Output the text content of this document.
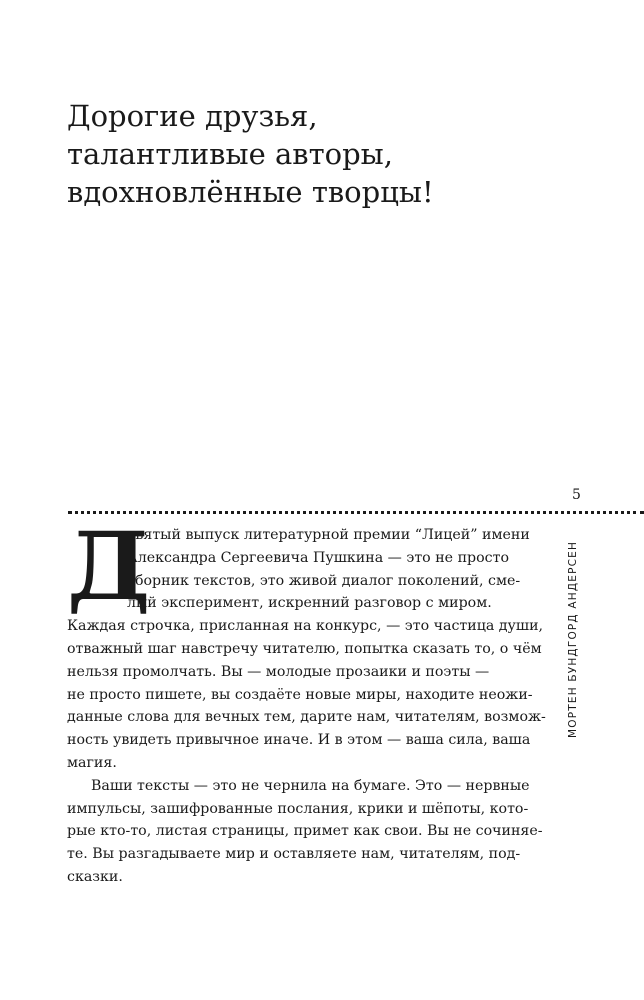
Дорогие друзья,
талантливые авторы,
вдохновлённые творцы!
5
МОРТЕН БУНДГОРД АНДЕРСЕН
Д
евятый выпуск литературной премии “Лицей” имени
Александра Сергеевича Пушкина — это не просто
сборник текстов, это живой диалог поколений, сме-
лый эксперимент, искренний разговор с миром.
Каждая строчка, присланная на конкурс, — это частица души,
отважный шаг навстречу читателю, попытка сказать то, о чём
нельзя промолчать. Вы — молодые прозаики и поэты —
не просто пишете, вы создаёте новые миры, находите неожи-
данные слова для вечных тем, дарите нам, читателям, возмож-
ность увидеть привычное иначе. И в этом — ваша сила, ваша
магия.
Ваши тексты — это не чернила на бумаге. Это — нервные
импульсы, зашифрованные послания, крики и шёпоты, кото-
рые кто-то, листая страницы, примет как свои. Вы не сочиняе-
те. Вы разгадываете мир и оставляете нам, читателям, под-
сказки.
